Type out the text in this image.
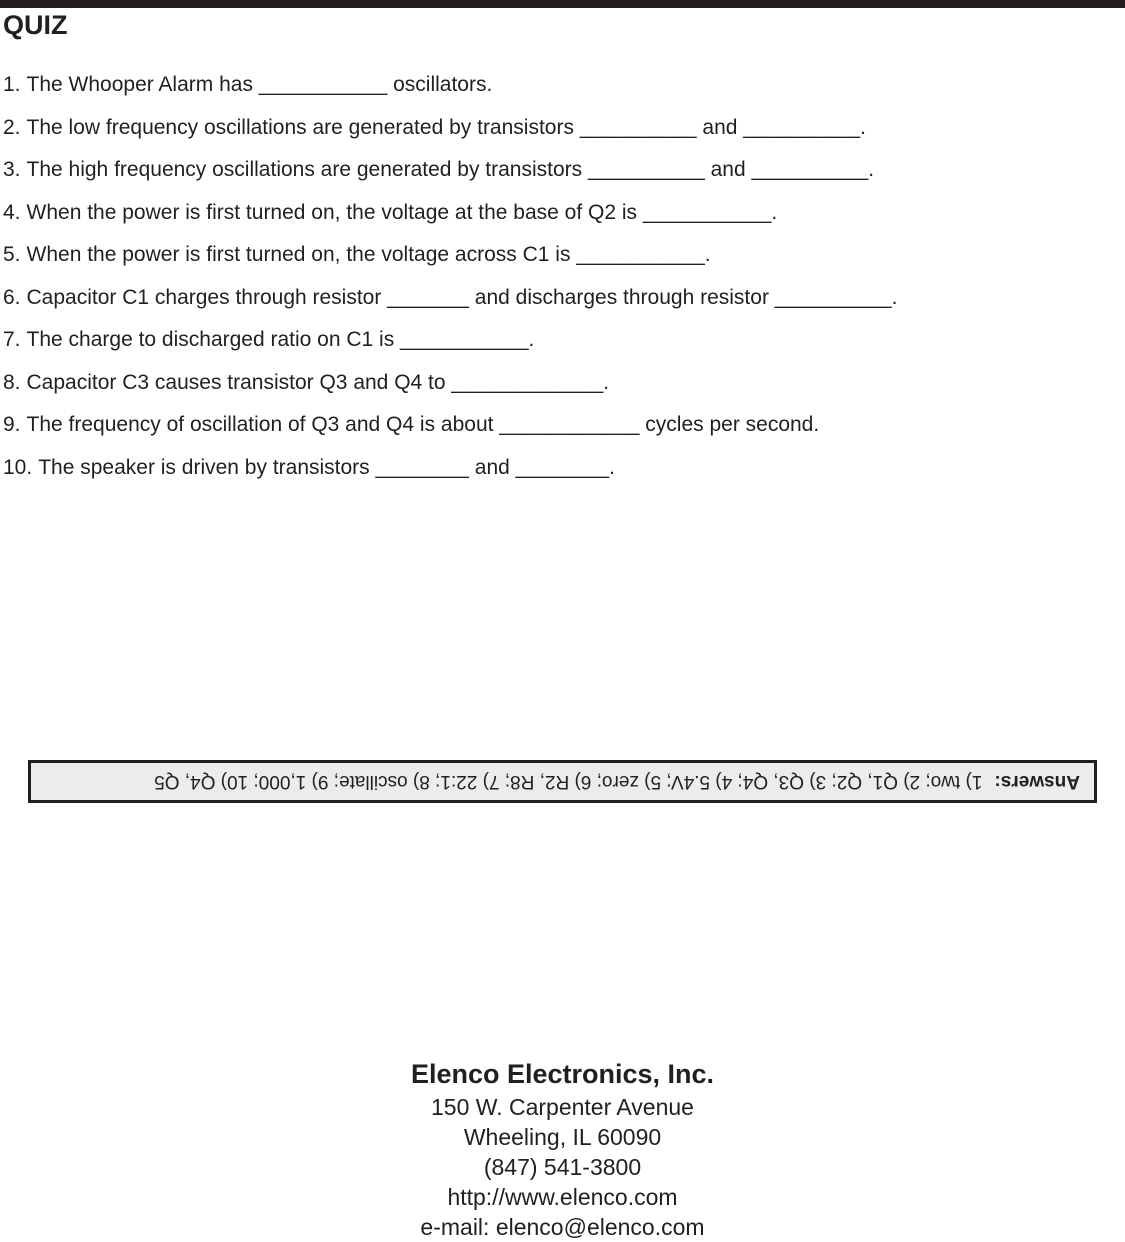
QUIZ
1. The Whooper Alarm has ___________ oscillators.
2. The low frequency oscillations are generated by transistors __________ and __________.
3. The high frequency oscillations are generated by transistors __________ and __________.
4. When the power is first turned on, the voltage at the base of Q2 is ___________.
5. When the power is first turned on, the voltage across C1 is ___________.
6. Capacitor C1 charges through resistor _______ and discharges through resistor __________.
7. The charge to discharged ratio on C1 is ___________.
8. Capacitor C3 causes transistor Q3 and Q4 to _____________.
9. The frequency of oscillation of Q3 and Q4 is about ____________ cycles per second.
10. The speaker is driven by transistors ________ and ________.
Answers:
1) two; 2) Q1, Q2; 3) Q3, Q4; 4) 5.4V; 5) zero; 6) R2, R8; 7) 22:1; 8) oscillate; 9) 1,000; 10) Q4, Q5
Elenco Electronics, Inc.
150 W. Carpenter Avenue
Wheeling, IL 60090
(847) 541-3800
http://www.elenco.com
e-mail: elenco@elenco.com
